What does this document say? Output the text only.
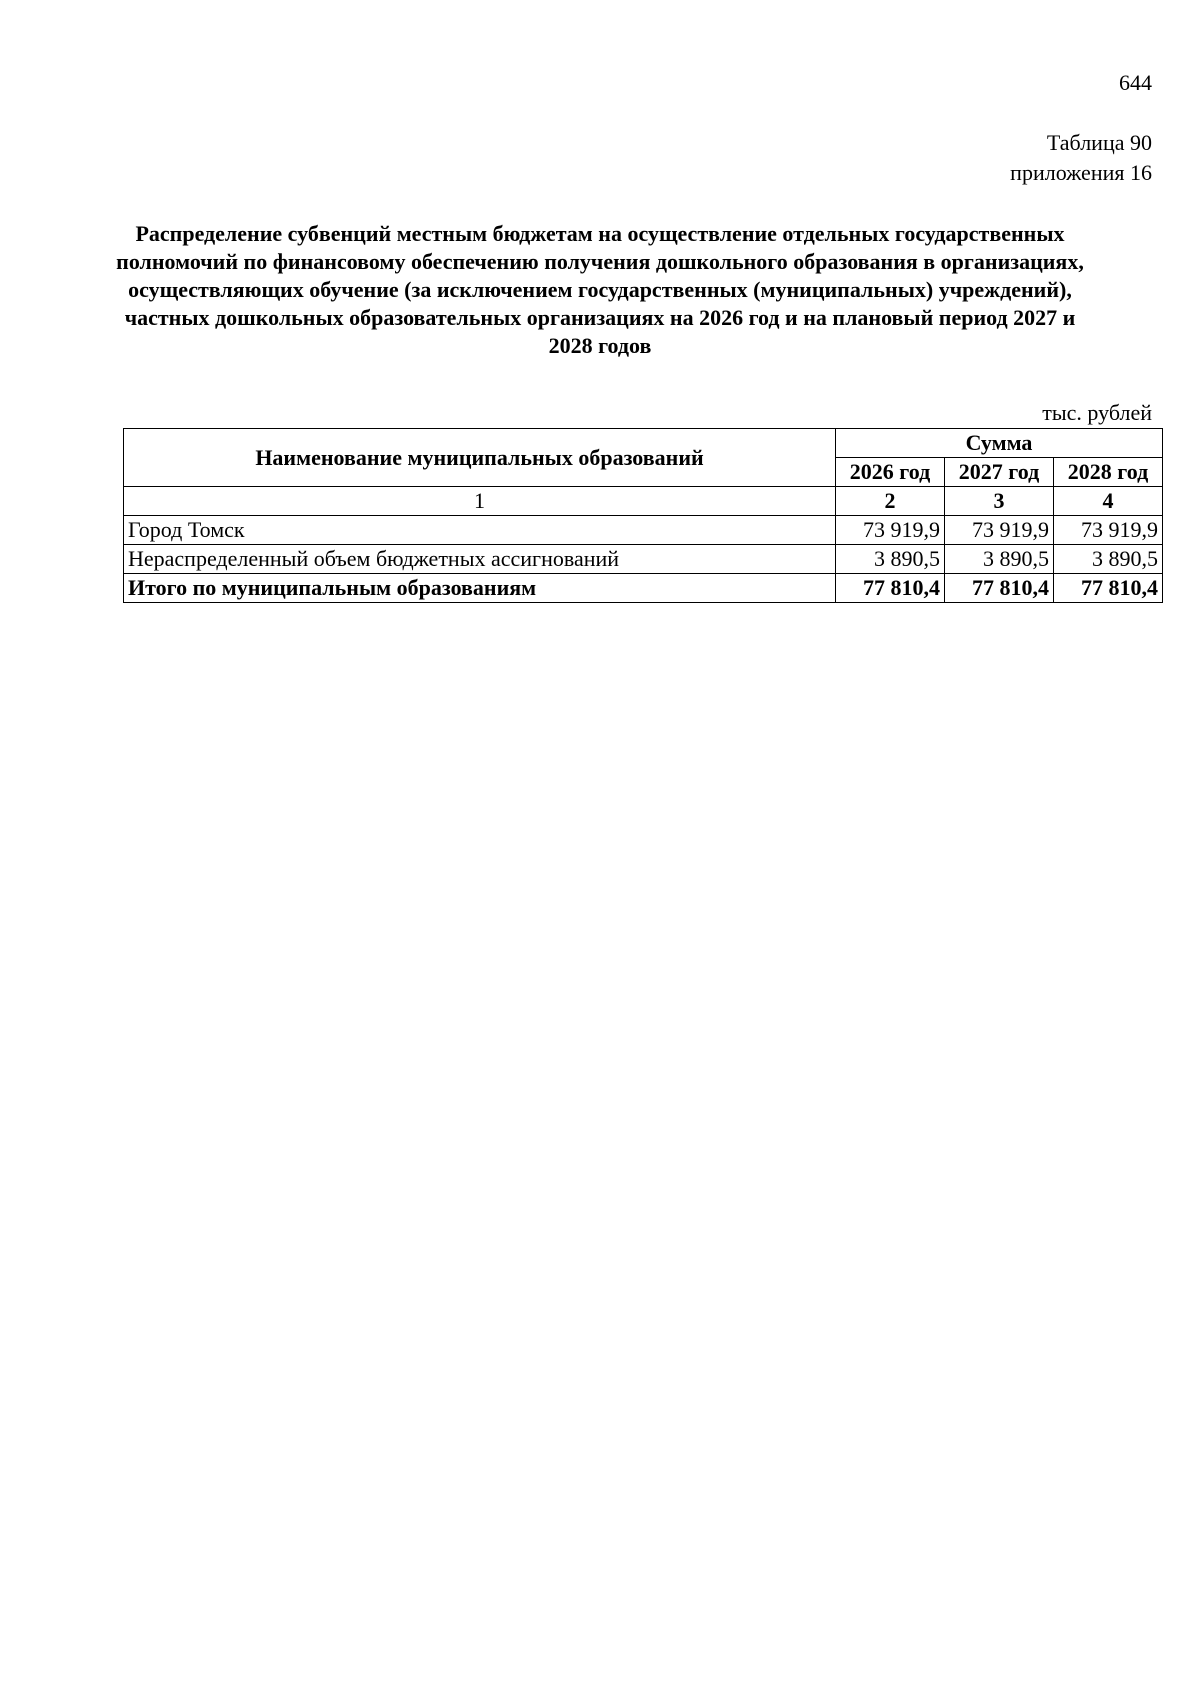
644
Таблица 90
приложения 16
Распределение субвенций местным бюджетам на осуществление отдельных государственных полномочий по финансовому обеспечению получения дошкольного образования в организациях, осуществляющих обучение (за исключением государственных (муниципальных) учреждений), частных дошкольных образовательных организациях на 2026 год и на плановый период 2027 и 2028 годов
тыс. рублей
Наименование муниципальных образований	Сумма		
	2026 год	2027 год	2028 год
1	2	3	4
Город Томск	73 919,9	73 919,9	73 919,9
Нераспределенный объем бюджетных ассигнований	3 890,5	3 890,5	3 890,5
Итого по муниципальным образованиям	77 810,4	77 810,4	77 810,4
